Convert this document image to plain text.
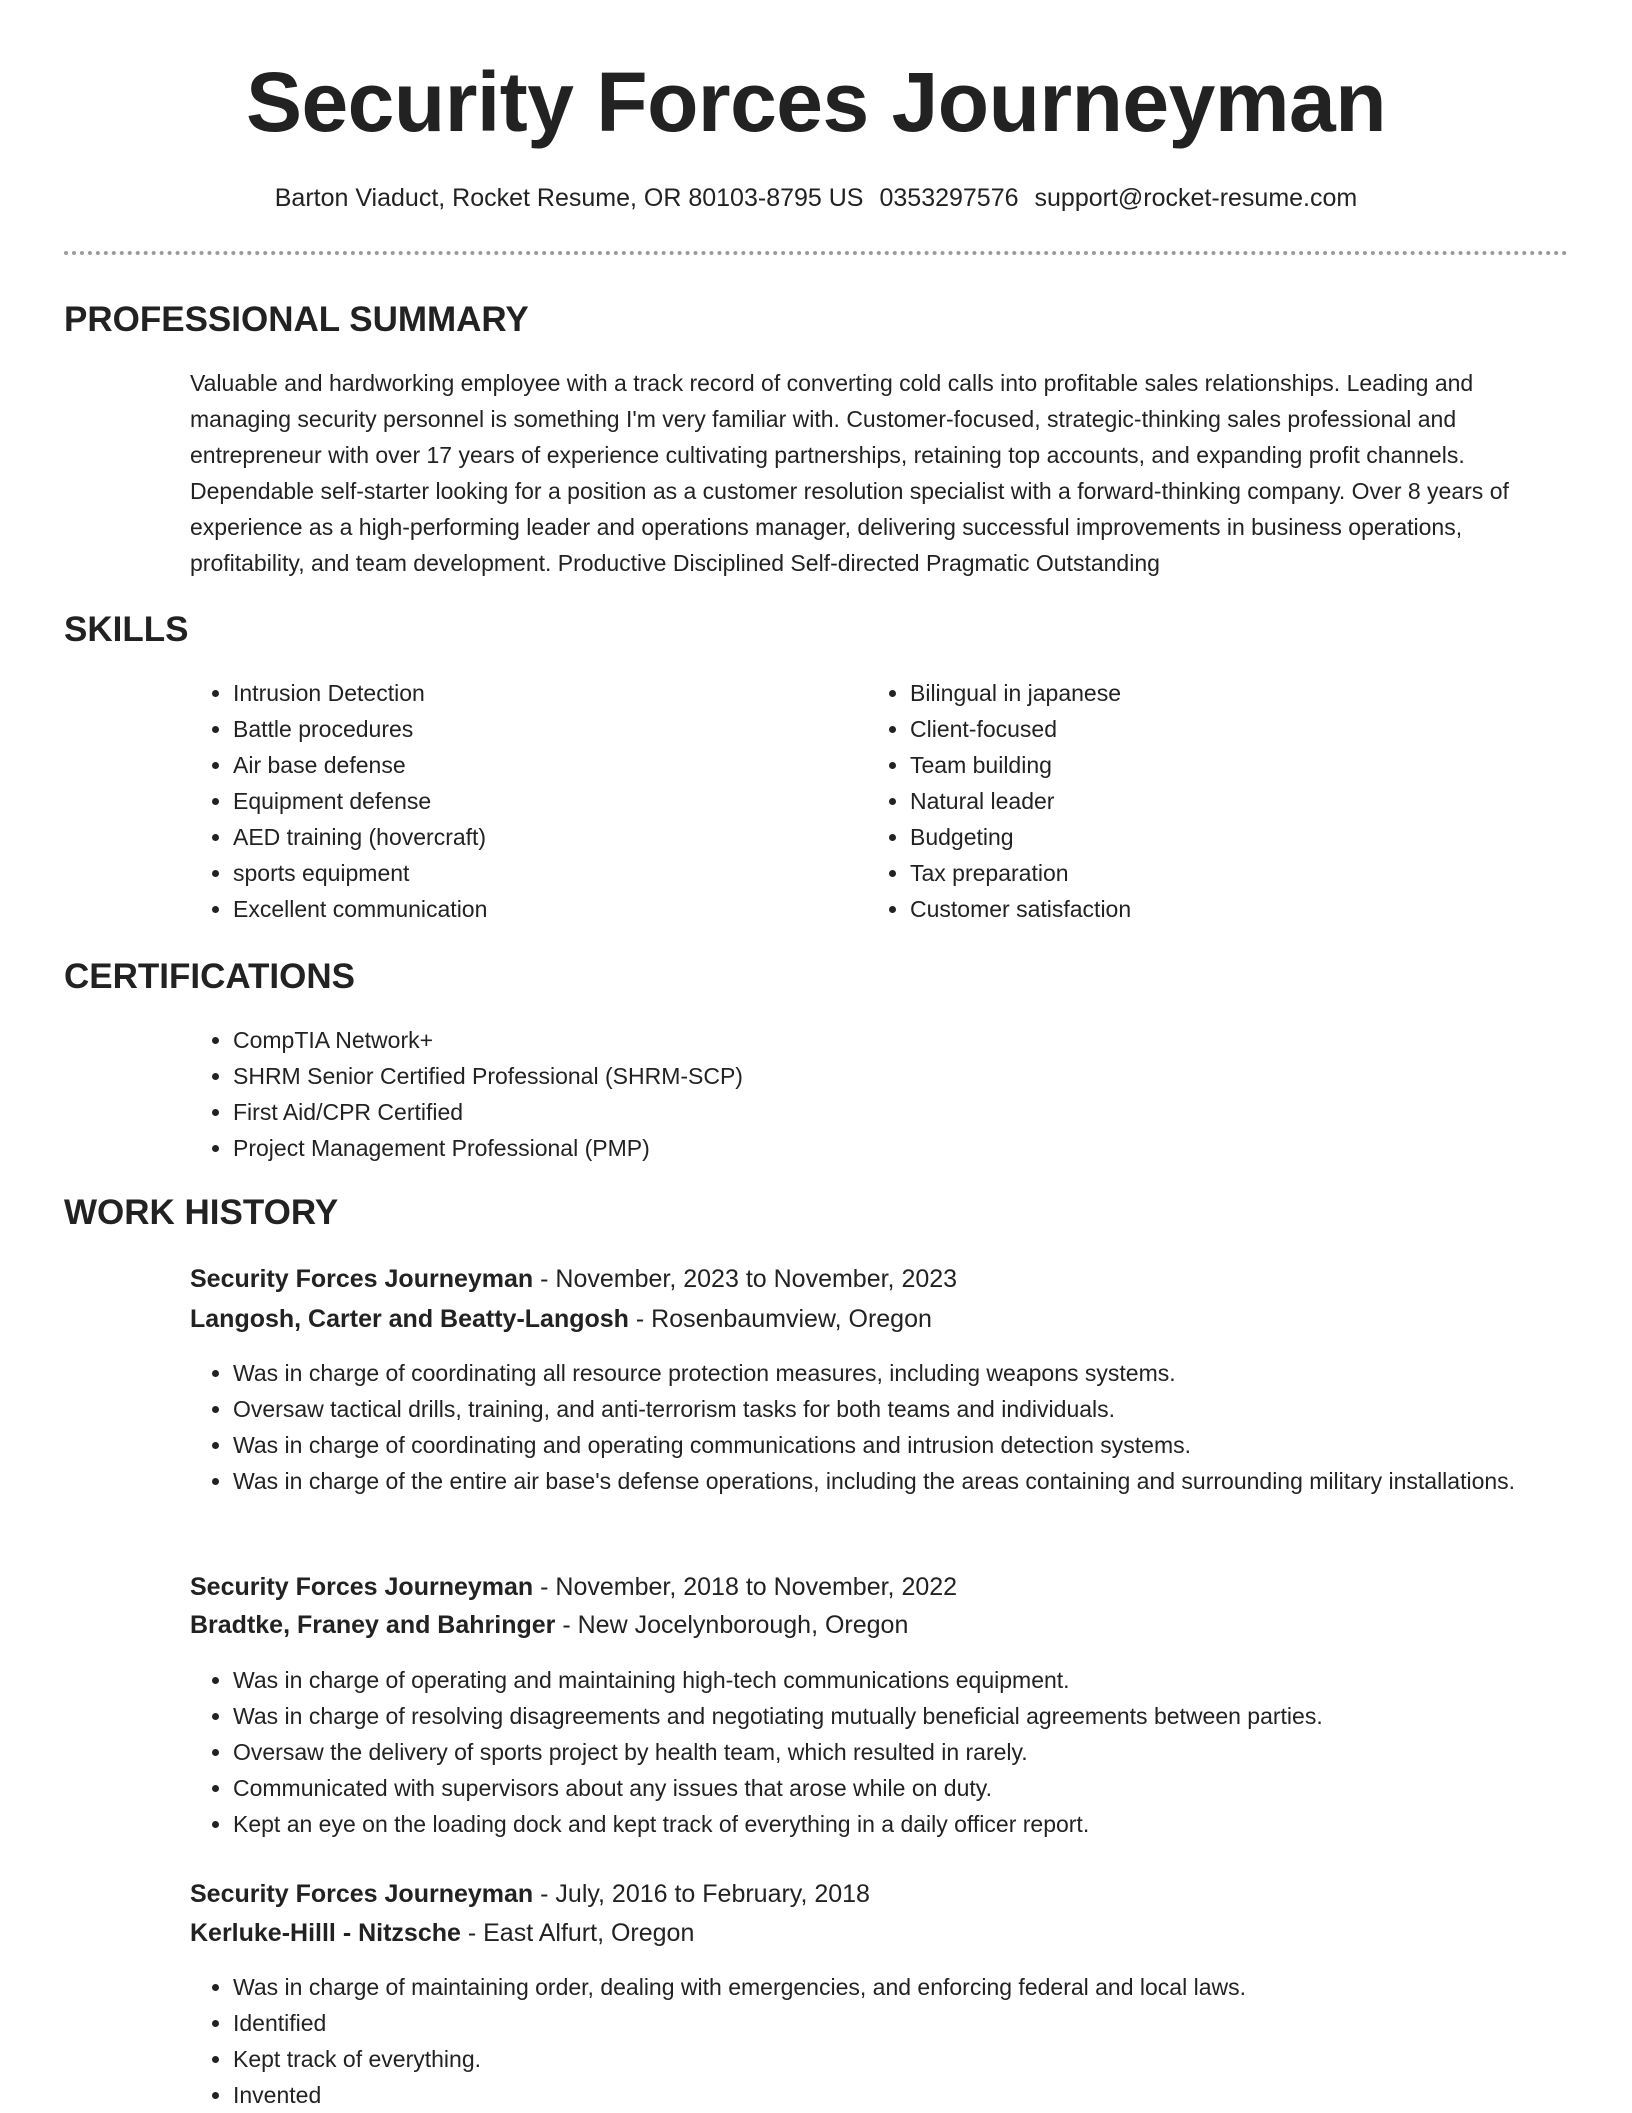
Security Forces Journeyman
Barton Viaduct, Rocket Resume, OR 80103-8795 US 0353297576 support@rocket-resume.com
PROFESSIONAL SUMMARY

Valuable and hardworking employee with a track record of converting cold calls into profitable sales relationships. Leading and managing security personnel is something I'm very familiar with. Customer-focused, strategic-thinking sales professional and entrepreneur with over 17 years of experience cultivating partnerships, retaining top accounts, and expanding profit channels. Dependable self-starter looking for a position as a customer resolution specialist with a forward-thinking company. Over 8 years of experience as a high-performing leader and operations manager, delivering successful improvements in business operations, profitability, and team development. Productive Disciplined Self-directed Pragmatic Outstanding

SKILLS
• Intrusion Detection
• Battle procedures
• Air base defense
• Equipment defense
• AED training (hovercraft)
• sports equipment
• Excellent communication
• Bilingual in japanese
• Client-focused
• Team building
• Natural leader
• Budgeting
• Tax preparation
• Customer satisfaction
CERTIFICATIONS
• CompTIA Network+
• SHRM Senior Certified Professional (SHRM-SCP)
• First Aid/CPR Certified
• Project Management Professional (PMP)
WORK HISTORY
Security Forces Journeyman - November, 2023 to November, 2023
Langosh, Carter and Beatty-Langosh - Rosenbaumview, Oregon
• Was in charge of coordinating all resource protection measures, including weapons systems.
• Oversaw tactical drills, training, and anti-terrorism tasks for both teams and individuals.
• Was in charge of coordinating and operating communications and intrusion detection systems.
• Was in charge of the entire air base's defense operations, including the areas containing and surrounding military installations.
Security Forces Journeyman - November, 2018 to November, 2022
Bradtke, Franey and Bahringer - New Jocelynborough, Oregon
• Was in charge of operating and maintaining high-tech communications equipment.
• Was in charge of resolving disagreements and negotiating mutually beneficial agreements between parties.
• Oversaw the delivery of sports project by health team, which resulted in rarely.
• Communicated with supervisors about any issues that arose while on duty.
• Kept an eye on the loading dock and kept track of everything in a daily officer report.
Security Forces Journeyman - July, 2016 to February, 2018
Kerluke-Hilll - Nitzsche - East Alfurt, Oregon
• Was in charge of maintaining order, dealing with emergencies, and enforcing federal and local laws.
• Identified
• Kept track of everything.
• Invented
